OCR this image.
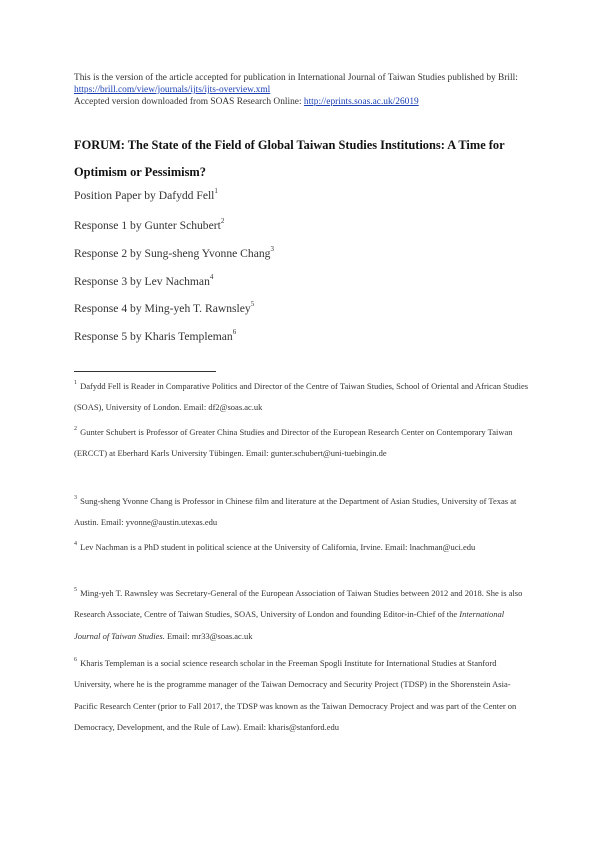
This is the version of the article accepted for publication in International Journal of Taiwan Studies published by Brill: https://brill.com/view/journals/ijts/ijts-overview.xml
Accepted version downloaded from SOAS Research Online: http://eprints.soas.ac.uk/26019
FORUM: The State of the Field of Global Taiwan Studies Institutions: A Time for Optimism or Pessimism?
Position Paper by Dafydd Fell$^1$
Response 1 by Gunter Schubert$^2$
Response 2 by Sung-sheng Yvonne Chang$^3$
Response 3 by Lev Nachman$^4$
Response 4 by Ming-yeh T. Rawnsley$^5$
Response 5 by Kharis Templeman$^6$
$^1$ Dafydd Fell is Reader in Comparative Politics and Director of the Centre of Taiwan Studies, School of Oriental and African Studies (SOAS), University of London. Email: df2@soas.ac.uk
$^2$ Gunter Schubert is Professor of Greater China Studies and Director of the European Research Center on Contemporary Taiwan (ERCCT) at Eberhard Karls University Tübingen. Email: gunter.schubert@uni-tuebingin.de
$^3$ Sung-sheng Yvonne Chang is Professor in Chinese film and literature at the Department of Asian Studies, University of Texas at Austin. Email: yvonne@austin.utexas.edu
$^4$ Lev Nachman is a PhD student in political science at the University of California, Irvine. Email: lnachman@uci.edu
$^5$ Ming-yeh T. Rawnsley was Secretary-General of the European Association of Taiwan Studies between 2012 and 2018. She is also Research Associate, Centre of Taiwan Studies, SOAS, University of London and founding Editor-in-Chief of the International Journal of Taiwan Studies. Email: mr33@soas.ac.uk
$^6$ Kharis Templeman is a social science research scholar in the Freeman Spogli Institute for International Studies at Stanford University, where he is the programme manager of the Taiwan Democracy and Security Project (TDSP) in the Shorenstein Asia-Pacific Research Center (prior to Fall 2017, the TDSP was known as the Taiwan Democracy Project and was part of the Center on Democracy, Development, and the Rule of Law). Email: kharis@stanford.edu
